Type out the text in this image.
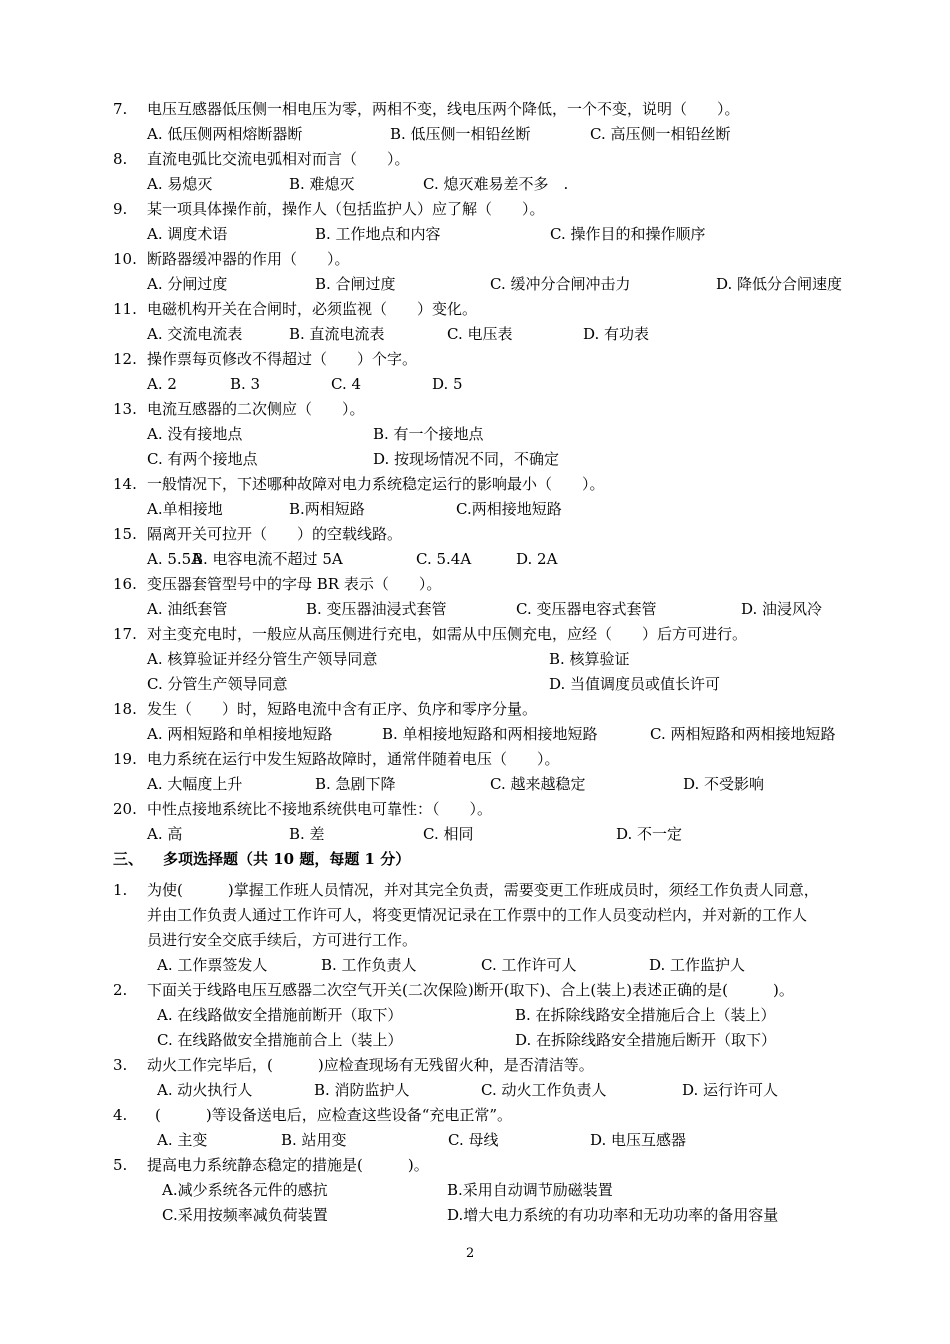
7. 电压互感器低压侧一相电压为零，两相不变，线电压两个降低，一个不变，说明（　　）。
A. 低压侧两相熔断器断	B. 低压侧一相铅丝断	C. 高压侧一相铅丝断
8. 直流电弧比交流电弧相对而言（　　）。
A. 易熄灭	B. 难熄灭	C. 熄灭难易差不多　.
9. 某一项具体操作前，操作人（包括监护人）应了解（　　）。
A. 调度术语	B. 工作地点和内容	C. 操作目的和操作顺序
10. 断路器缓冲器的作用（　　）。
A. 分闸过度	B. 合闸过度	C. 缓冲分合闸冲击力	D. 降低分合闸速度
11. 电磁机构开关在合闸时，必须监视（　　）变化。
A. 交流电流表	B. 直流电流表	C. 电压表	D. 有功表
12. 操作票每页修改不得超过（　　）个字。
A. 2	B. 3	C. 4	D. 5
13. 电流互感器的二次侧应（　　）。
A. 没有接地点	B. 有一个接地点
C. 有两个接地点	D. 按现场情况不同，不确定
14. 一般情况下，下述哪种故障对电力系统稳定运行的影响最小（　　）。
A.单相接地	B.两相短路	C.两相接地短路
15. 隔离开关可拉开（　　）的空载线路。
A. 5.5A
B. 电容电流不超过 5A	C. 5.4A	D. 2A
16. 变压器套管型号中的字母 BR 表示（　　）。
A. 油纸套管	B. 变压器油浸式套管	C. 变压器电容式套管	D. 油浸风冷
17. 对主变充电时，一般应从高压侧进行充电，如需从中压侧充电，应经（　　）后方可进行。
A. 核算验证并经分管生产领导同意	B. 核算验证
C. 分管生产领导同意	D. 当值调度员或值长许可
18. 发生（　　）时，短路电流中含有正序、负序和零序分量。
A. 两相短路和单相接地短路	B. 单相接地短路和两相接地短路	C. 两相短路和两相接地短路
19. 电力系统在运行中发生短路故障时，通常伴随着电压（　　）。
A. 大幅度上升	B. 急剧下降	C. 越来越稳定	D. 不受影响
20. 中性点接地系统比不接地系统供电可靠性：（　　）。
A. 高	B. 差	C. 相同	D. 不一定
三、 多项选择题（共 10 题，每题 1 分）
1. 为使(　　　)掌握工作班人员情况，并对其完全负责，需要变更工作班成员时，须经工作负责人同意，
并由工作负责人通过工作许可人，将变更情况记录在工作票中的工作人员变动栏内，并对新的工作人
员进行安全交底手续后，方可进行工作。
A. 工作票签发人	B. 工作负责人	C. 工作许可人	D. 工作监护人
2. 下面关于线路电压互感器二次空气开关(二次保险)断开(取下)、合上(装上)表述正确的是(　　　)。
A. 在线路做安全措施前断开（取下）	B. 在拆除线路安全措施后合上（装上）
C. 在线路做安全措施前合上（装上）	D. 在拆除线路安全措施后断开（取下）
3. 动火工作完毕后，(　　　)应检查现场有无残留火种，是否清洁等。
A. 动火执行人	B. 消防监护人	C. 动火工作负责人	D. 运行许可人
4. (　　　)等设备送电后，应检查这些设备“充电正常”。
A. 主变	B. 站用变	C. 母线	D. 电压互感器
5. 提高电力系统静态稳定的措施是(　　　)。
A.减少系统各元件的感抗	B.采用自动调节励磁装置
C.采用按频率减负荷装置	D.增大电力系统的有功功率和无功功率的备用容量
2
